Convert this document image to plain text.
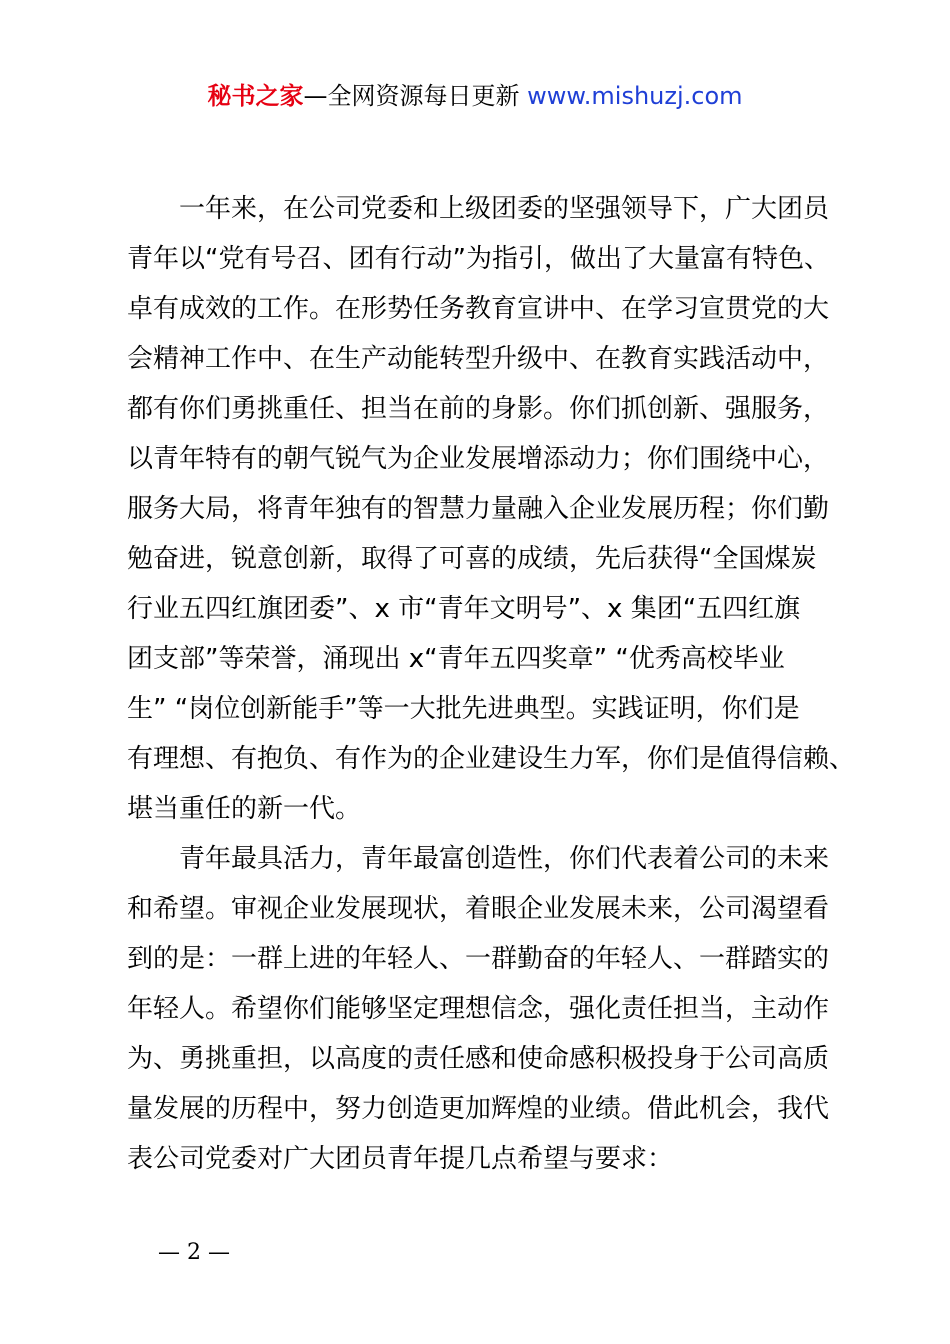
秘书之家—全网资源每日更新 www.mishuzj.com
一年来，在公司党委和上级团委的坚强领导下，广大团员
青年以“党有号召、团有行动”为指引，做出了大量富有特色、
卓有成效的工作。在形势任务教育宣讲中、在学习宣贯党的大
会精神工作中、在生产动能转型升级中、在教育实践活动中，
都有你们勇挑重任、担当在前的身影。你们抓创新、强服务，
以青年特有的朝气锐气为企业发展增添动力；你们围绕中心，
服务大局，将青年独有的智慧力量融入企业发展历程；你们勤
勉奋进，锐意创新，取得了可喜的成绩，先后获得“全国煤炭
行业五四红旗团委”、x 市“青年文明号”、x 集团“五四红旗
团支部”等荣誉，涌现出 x“青年五四奖章” “优秀高校毕业
生” “岗位创新能手”等一大批先进典型。实践证明，你们是
有理想、有抱负、有作为的企业建设生力军，你们是值得信赖、
堪当重任的新一代。
青年最具活力，青年最富创造性，你们代表着公司的未来
和希望。审视企业发展现状，着眼企业发展未来，公司渴望看
到的是：一群上进的年轻人、一群勤奋的年轻人、一群踏实的
年轻人。希望你们能够坚定理想信念，强化责任担当，主动作
为、勇挑重担，以高度的责任感和使命感积极投身于公司高质
量发展的历程中，努力创造更加辉煌的业绩。借此机会，我代
表公司党委对广大团员青年提几点希望与要求：
— 2 —
